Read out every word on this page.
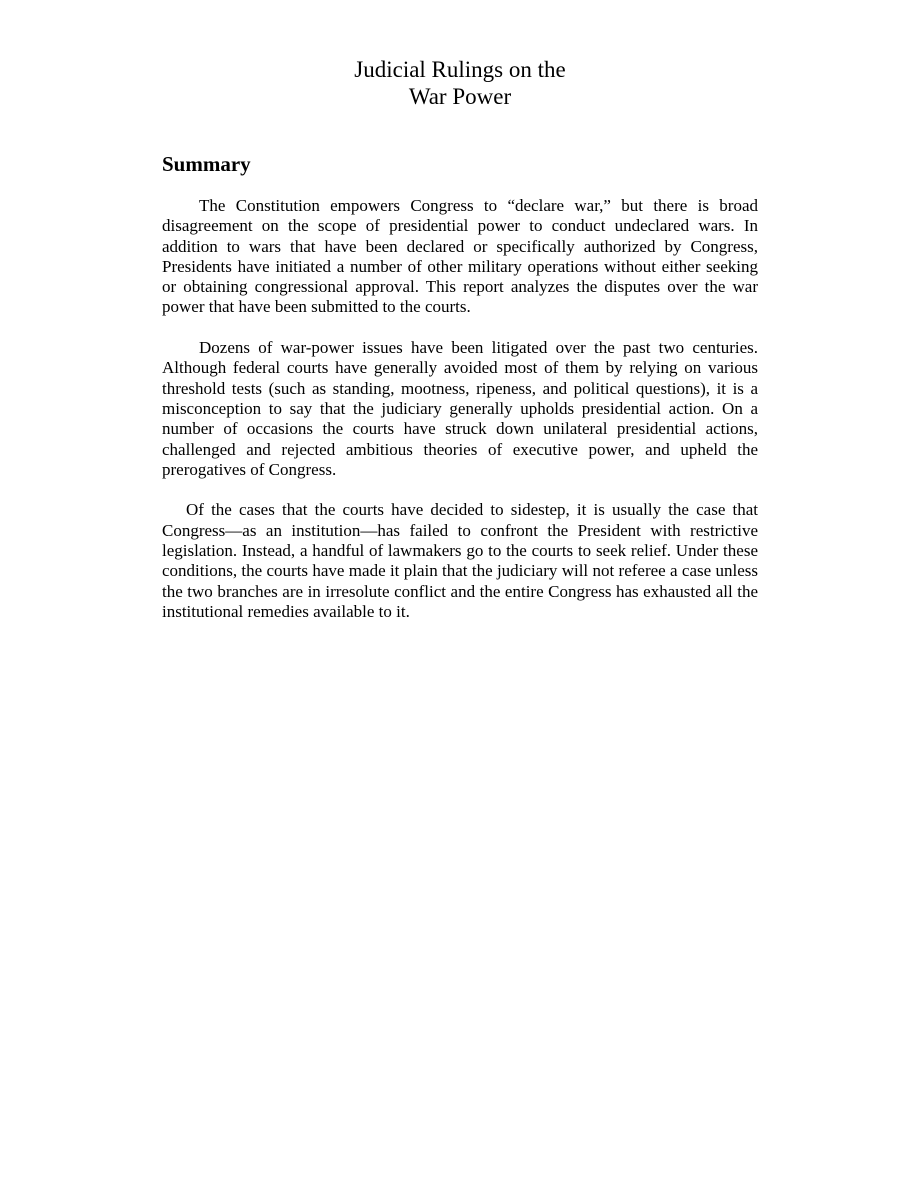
Judicial Rulings on the
War Power
Summary

The Constitution empowers Congress to “declare war,” but there is broad disagreement on the scope of presidential power to conduct undeclared wars. In addition to wars that have been declared or specifically authorized by Congress, Presidents have initiated a number of other military operations without either seeking or obtaining congressional approval. This report analyzes the disputes over the war power that have been submitted to the courts.

Dozens of war-power issues have been litigated over the past two centuries. Although federal courts have generally avoided most of them by relying on various threshold tests (such as standing, mootness, ripeness, and political questions), it is a misconception to say that the judiciary generally upholds presidential action. On a number of occasions the courts have struck down unilateral presidential actions, challenged and rejected ambitious theories of executive power, and upheld the prerogatives of Congress.

Of the cases that the courts have decided to sidestep, it is usually the case that Congress—as an institution—has failed to confront the President with restrictive legislation. Instead, a handful of lawmakers go to the courts to seek relief. Under these conditions, the courts have made it plain that the judiciary will not referee a case unless the two branches are in irresolute conflict and the entire Congress has exhausted all the institutional remedies available to it.
